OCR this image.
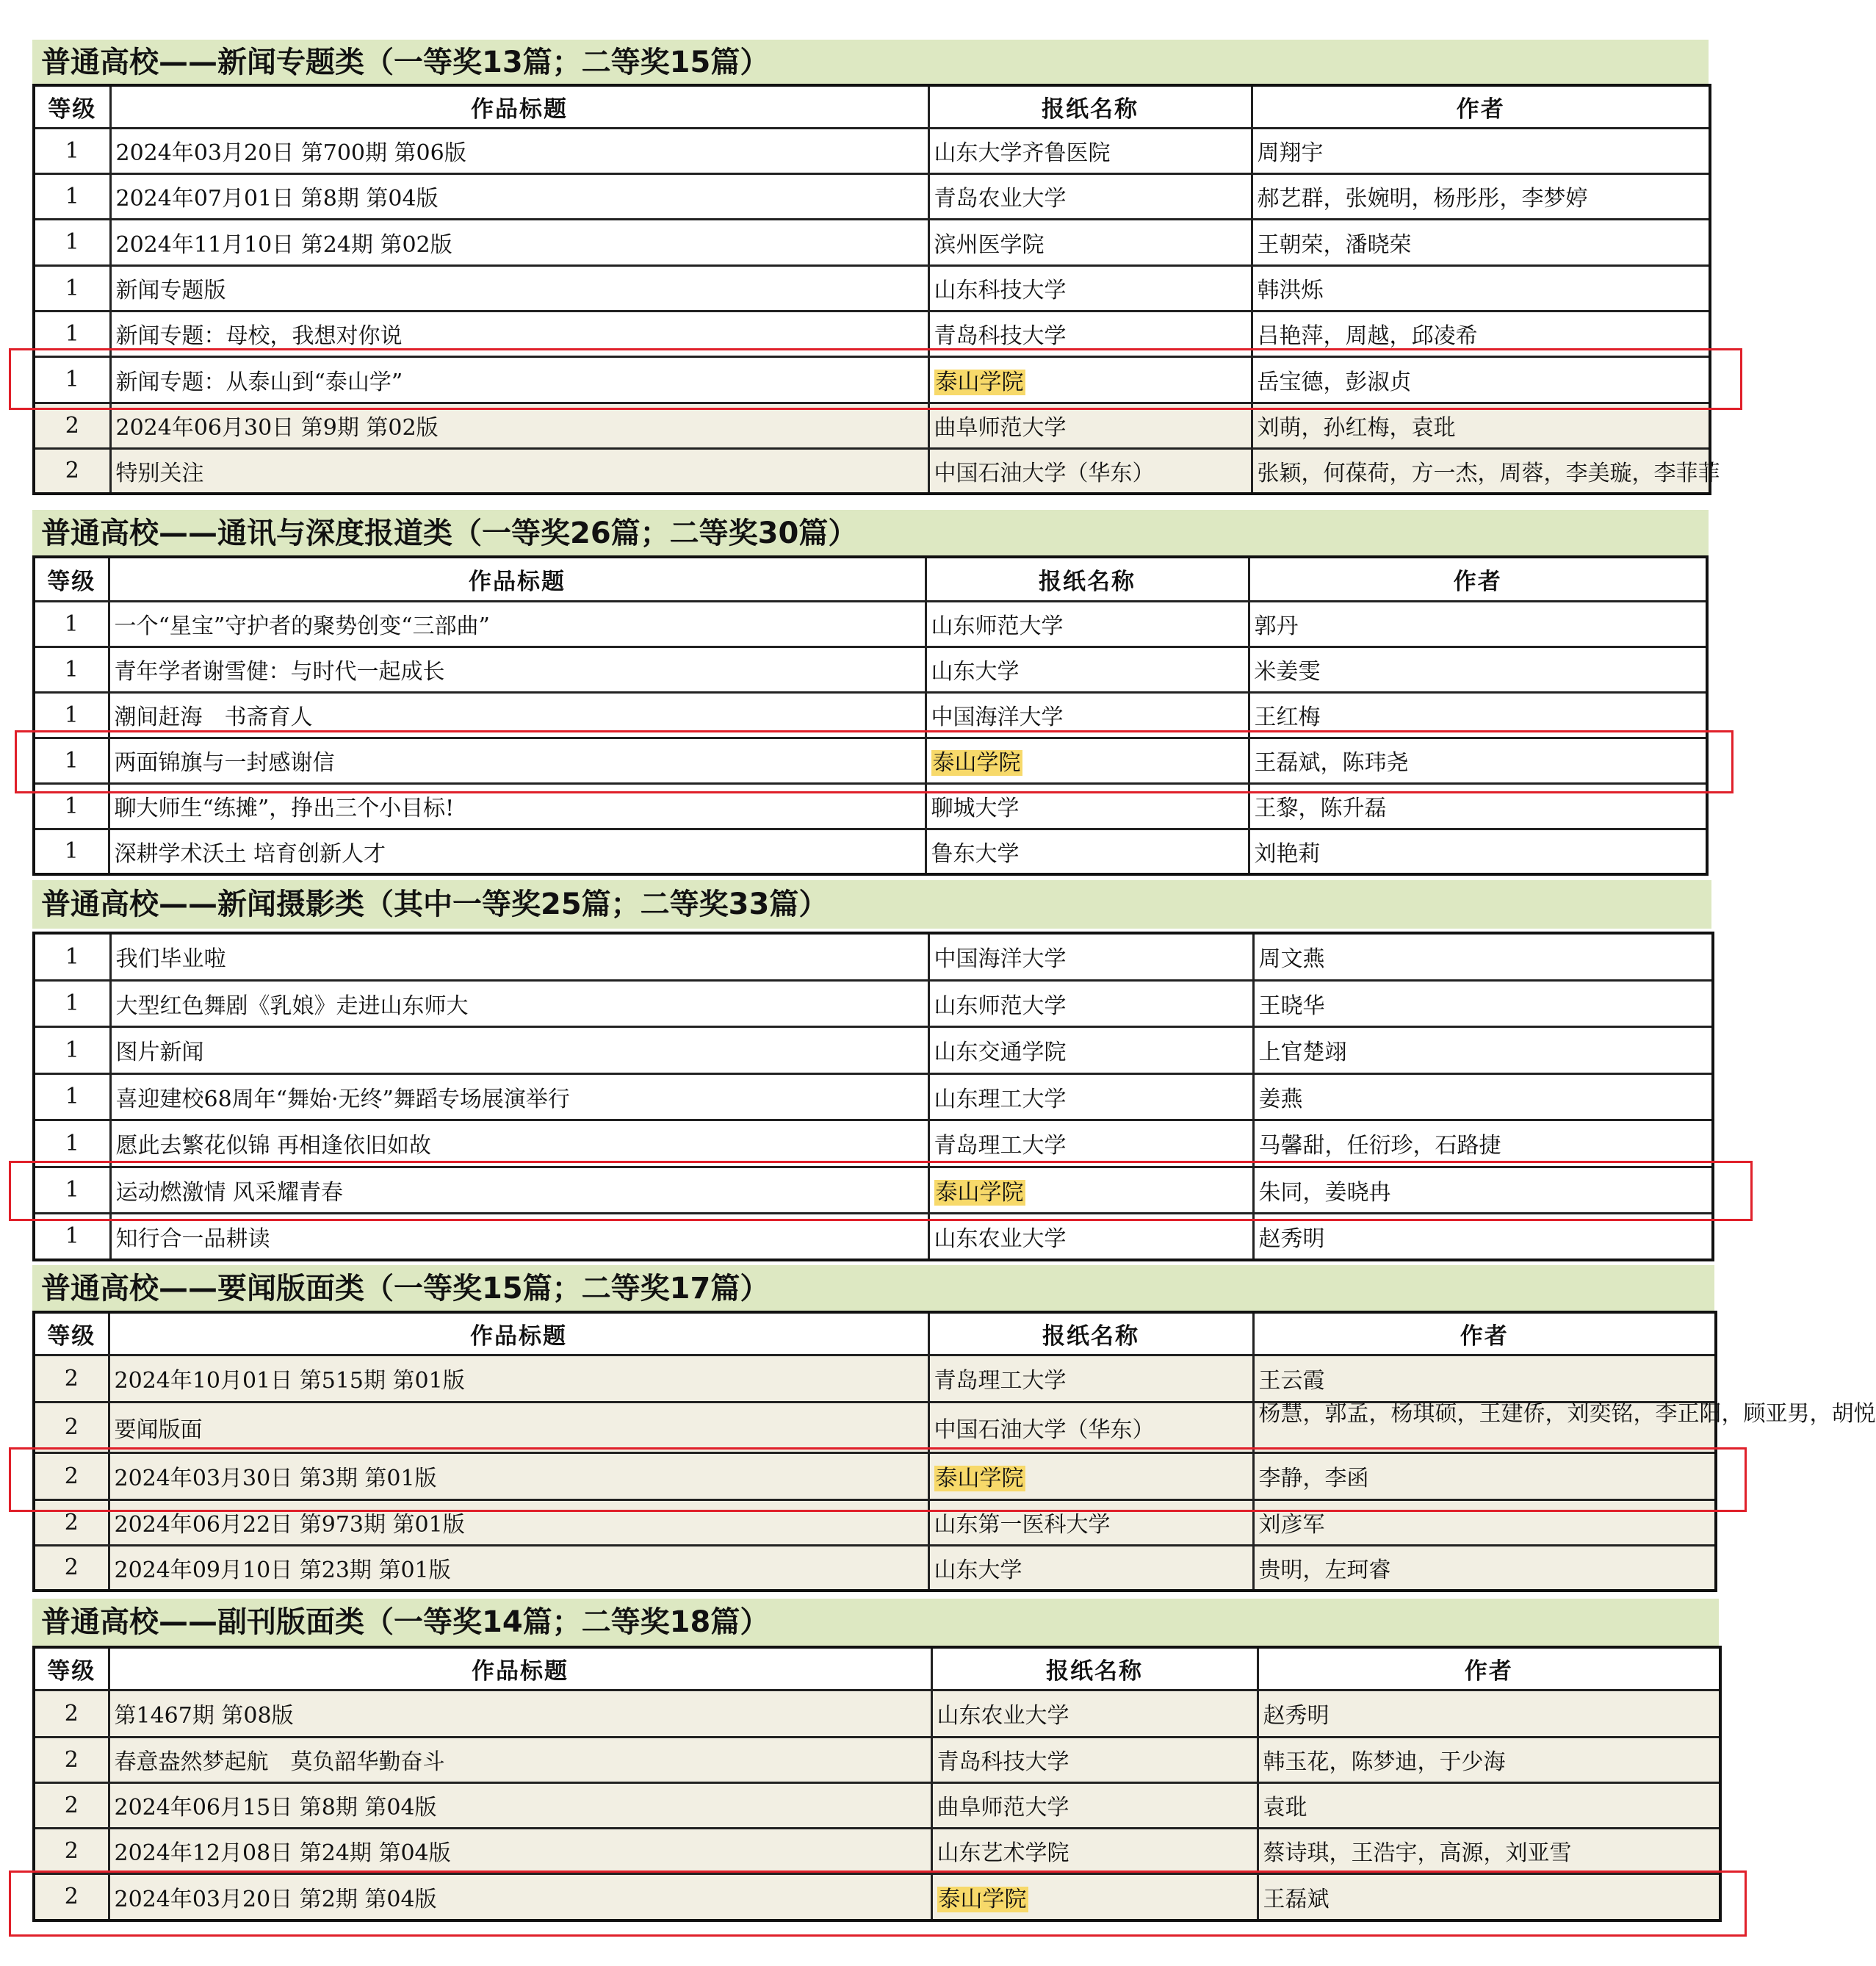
普通高校——新闻专题类（一等奖13篇；二等奖15篇）
等级	作品标题	报纸名称	作者
1	2024年03月20日 第700期 第06版	山东大学齐鲁医院	周翔宇
1	2024年07月01日 第8期 第04版	青岛农业大学	郝艺群，张婉明，杨彤彤，李梦婷
1	2024年11月10日 第24期 第02版	滨州医学院	王朝荣，潘晓荣
1	新闻专题版	山东科技大学	韩洪烁
1	新闻专题：母校，我想对你说	青岛科技大学	吕艳萍，周越，邱凌希
1	新闻专题：从泰山到“泰山学”	泰山学院	岳宝德，彭淑贞
2	2024年06月30日 第9期 第02版	曲阜师范大学	刘萌，孙红梅，袁玭
2	特别关注	中国石油大学（华东）	张颖，何葆荷，方一杰，周蓉，李美璇，李菲菲
普通高校——通讯与深度报道类（一等奖26篇；二等奖30篇）
等级	作品标题	报纸名称	作者
1	一个“星宝”守护者的聚势创变“三部曲”	山东师范大学	郭丹
1	青年学者谢雪健：与时代一起成长	山东大学	米姜雯
1	潮间赶海　书斋育人	中国海洋大学	王红梅
1	两面锦旗与一封感谢信	泰山学院	王磊斌，陈玮尧
1	聊大师生“练摊”，挣出三个小目标!	聊城大学	王黎，陈升磊
1	深耕学术沃土 培育创新人才	鲁东大学	刘艳莉
普通高校——新闻摄影类（其中一等奖25篇；二等奖33篇）
1	我们毕业啦	中国海洋大学	周文燕
1	大型红色舞剧《乳娘》走进山东师大	山东师范大学	王晓华
1	图片新闻	山东交通学院	上官楚翊
1	喜迎建校68周年“舞始·无终”舞蹈专场展演举行	山东理工大学	姜燕
1	愿此去繁花似锦 再相逢依旧如故	青岛理工大学	马馨甜，任衍珍，石路捷
1	运动燃激情 风采耀青春	泰山学院	朱同，姜晓冉
1	知行合一品耕读	山东农业大学	赵秀明
普通高校——要闻版面类（一等奖15篇；二等奖17篇）
等级	作品标题	报纸名称	作者
2	2024年10月01日 第515期 第01版	青岛理工大学	王云霞
2	要闻版面	中国石油大学（华东）	杨慧，郭孟，杨琪硕，王建侨，刘奕铭，李正阳，顾亚男，胡悦
2	2024年03月30日 第3期 第01版	泰山学院	李静，李函
2	2024年06月22日 第973期 第01版	山东第一医科大学	刘彦军
2	2024年09月10日 第23期 第01版	山东大学	贵明，左珂睿
普通高校——副刊版面类（一等奖14篇；二等奖18篇）
等级	作品标题	报纸名称	作者
2	第1467期 第08版	山东农业大学	赵秀明
2	春意盎然梦起航　莫负韶华勤奋斗	青岛科技大学	韩玉花，陈梦迪，于少海
2	2024年06月15日 第8期 第04版	曲阜师范大学	袁玭
2	2024年12月08日 第24期 第04版	山东艺术学院	蔡诗琪，王浩宇，高源，刘亚雪
2	2024年03月20日 第2期 第04版	泰山学院	王磊斌
